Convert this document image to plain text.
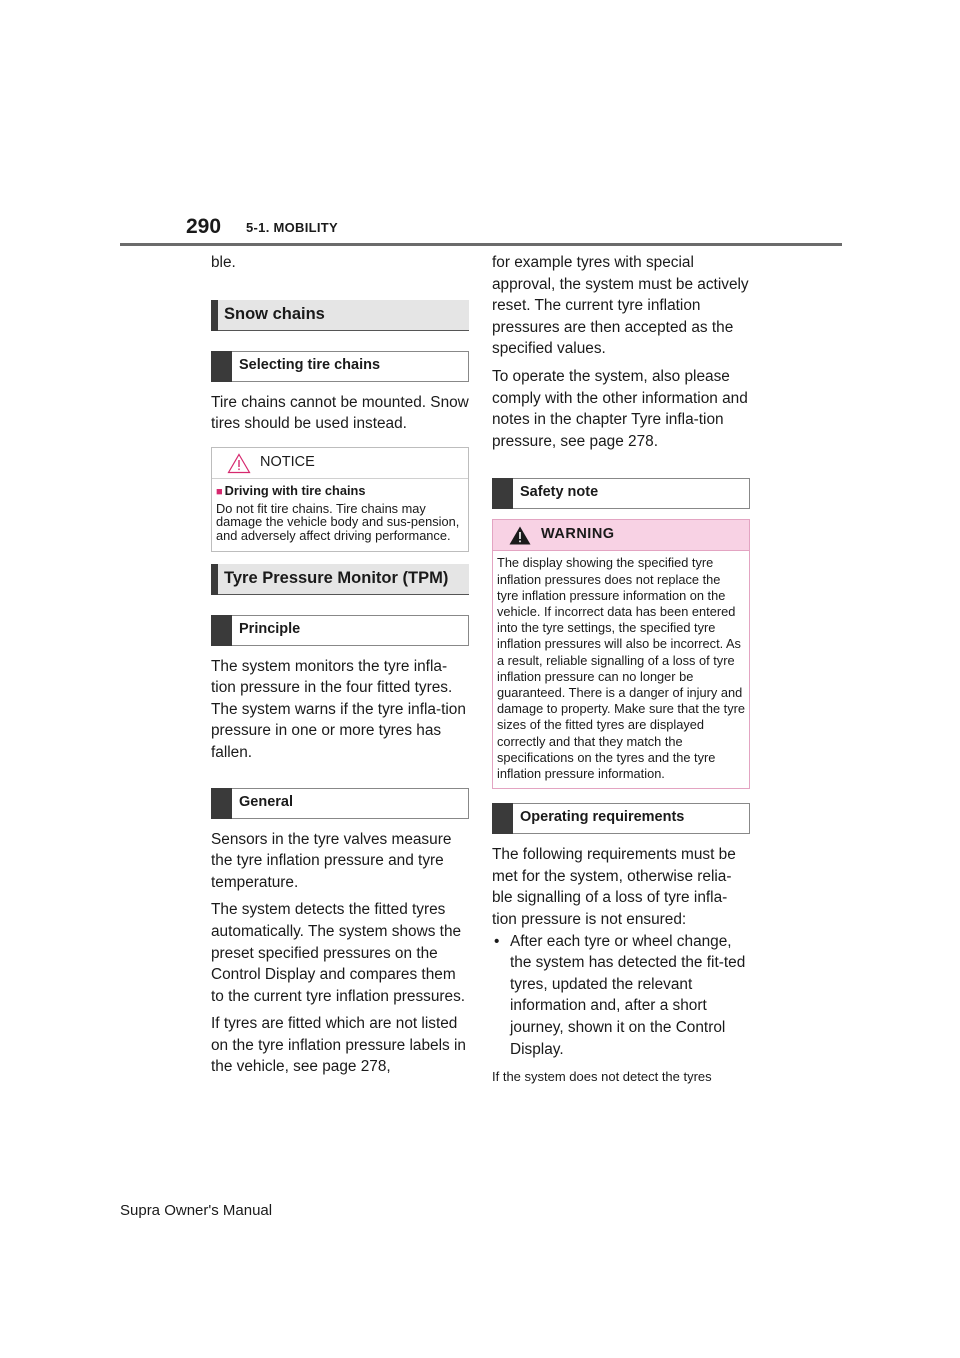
290 5-1. MOBILITY

ble.

Snow chains
Selecting tire chains

Tire chains cannot be mounted. Snow tires should be used instead.

NOTICE
■ Driving with tire chains
Do not fit tire chains. Tire chains may damage the vehicle body and sus-pension, and adversely affect driving performance.
Tyre Pressure Monitor (TPM)
Principle

The system monitors the tyre infla-tion pressure in the four fitted tyres. The system warns if the tyre infla-tion pressure in one or more tyres has fallen.

General

Sensors in the tyre valves measure the tyre inflation pressure and tyre temperature.

The system detects the fitted tyres automatically. The system shows the preset specified pressures on the Control Display and compares them to the current tyre inflation pressures.

If tyres are fitted which are not listed on the tyre inflation pressure labels in the vehicle, see page 278,

for example tyres with special approval, the system must be actively reset. The current tyre inflation pressures are then accepted as the specified values.

To operate the system, also please comply with the other information and notes in the chapter Tyre infla-tion pressure, see page 278.

Safety note
WARNING
The display showing the specified tyre inflation pressures does not replace the tyre inflation pressure information on the vehicle. If incorrect data has been entered into the tyre settings, the specified tyre inflation pressures will also be incorrect. As a result, reliable signalling of a loss of tyre inflation pressure can no longer be guaranteed. There is a danger of injury and damage to property. Make sure that the tyre sizes of the fitted tyres are displayed correctly and that they match the specifications on the tyres and the tyre inflation pressure information.
Operating requirements

The following requirements must be met for the system, otherwise relia-ble signalling of a loss of tyre infla-tion pressure is not ensured:

• After each tyre or wheel change, the system has detected the fit-ted tyres, updated the relevant information and, after a short journey, shown it on the Control Display.
If the system does not detect the tyres
Supra Owner's Manual
